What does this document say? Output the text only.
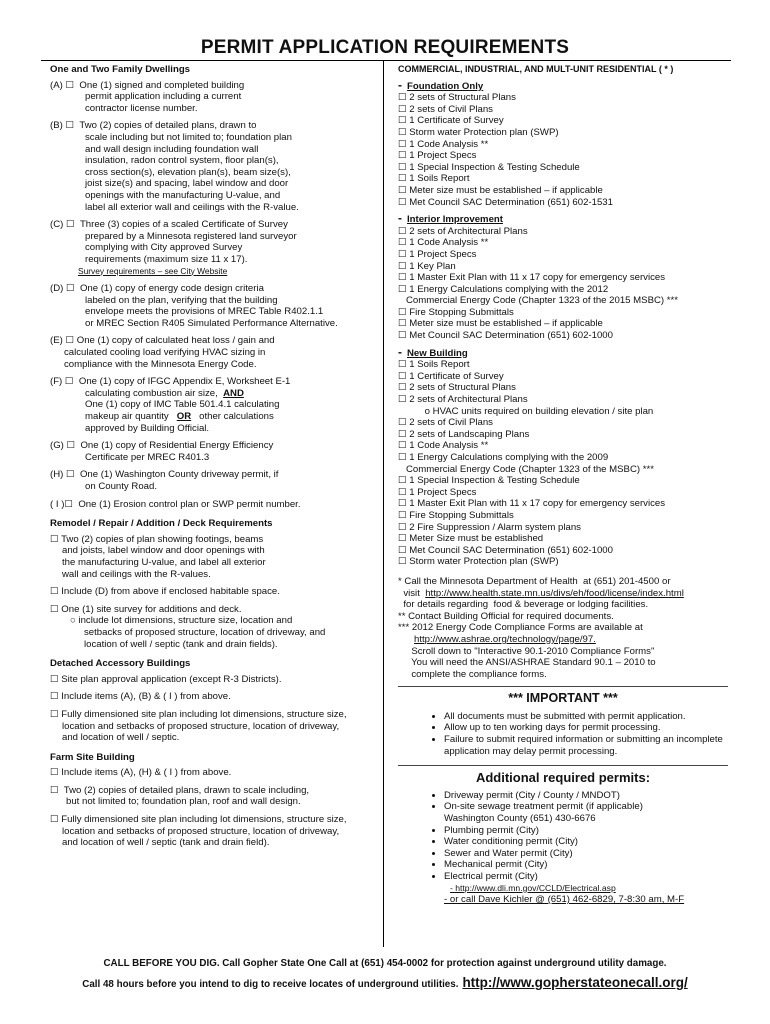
PERMIT APPLICATION REQUIREMENTS
One and Two Family Dwellings
(A) ☐
One (1) signed and completed building
permit application including a current
contractor license number.
(B) ☐
Two (2) copies of detailed plans, drawn to
scale including but not limited to; foundation plan
and wall design including foundation wall
insulation, radon control system, floor plan(s),
cross section(s), elevation plan(s), beam size(s),
joist size(s) and spacing, label window and door
openings with the manufacturing U-value, and
label all exterior wall and ceilings with the R-value.
(C) ☐
Three (3) copies of a scaled Certificate of Survey
prepared by a Minnesota registered land surveyor
complying with City approved Survey
requirements (maximum size 11 x 17).
Survey requirements – see City Website
(D) ☐
One (1) copy of energy code design criteria
labeled on the plan, verifying that the building
envelope meets the provisions of MREC Table R402.1.1
or MREC Section R405 Simulated Performance Alternative.
(E) ☐
One (1) copy of calculated heat loss / gain and
calculated cooling load verifying HVAC sizing in
compliance with the Minnesota Energy Code.
(F) ☐
One (1) copy of IFGC Appendix E, Worksheet E-1
calculating combustion air size, AND
One (1) copy of IMC Table 501.4.1 calculating
makeup air quantity OR other calculations
approved by Building Official.
(G) ☐
One (1) copy of Residential Energy Efficiency
Certificate per MREC R401.3
(H) ☐
One (1) Washington County driveway permit, if
on County Road.
( I )☐
One (1) Erosion control plan or SWP permit number.
Remodel / Repair / Addition / Deck Requirements
☐ Two (2) copies of plan showing footings, beams
and joists, label window and door openings with
the manufacturing U-value, and label all exterior
wall and ceilings with the R-values.
☐ Include (D) from above if enclosed habitable space.
☐ One (1) site survey for additions and deck.
○ include lot dimensions, structure size, location and
setbacks of proposed structure, location of driveway, and
location of well / septic (tank and drain fields).
Detached Accessory Buildings
☐ Site plan approval application (except R-3 Districts).
☐ Include items (A), (B) & ( I ) from above.
☐ Fully dimensioned site plan including lot dimensions, structure size,
location and setbacks of proposed structure, location of driveway,
and location of well / septic.
Farm Site Building
☐ Include items (A), (H) & ( I ) from above.
☐  Two (2) copies of detailed plans, drawn to scale including,
but not limited to; foundation plan, roof and wall design.
☐ Fully dimensioned site plan including lot dimensions, structure size,
location and setbacks of proposed structure, location of driveway,
and location of well / septic (tank and drain field).
COMMERCIAL, INDUSTRIAL, AND MULT-UNIT RESIDENTIAL ( * )
- Foundation Only
☐ 2 sets of Structural Plans
☐ 2 sets of Civil Plans
☐ 1 Certificate of Survey
☐ Storm water Protection plan (SWP)
☐ 1 Code Analysis **
☐ 1 Project Specs
☐ 1 Special Inspection & Testing Schedule
☐ 1 Soils Report
☐ Meter size must be established – if applicable
☐ Met Council SAC Determination (651) 602-1531
- Interior Improvement
☐ 2 sets of Architectural Plans
☐ 1 Code Analysis **
☐ 1 Project Specs
☐ 1 Key Plan
☐ 1 Master Exit Plan with 11 x 17 copy for emergency services
☐ 1 Energy Calculations complying with the 2012
Commercial Energy Code (Chapter 1323 of the 2015 MSBC) ***
☐ Fire Stopping Submittals
☐ Meter size must be established – if applicable
☐ Met Council SAC Determination (651) 602-1000
- New Building
☐ 1 Soils Report
☐ 1 Certificate of Survey
☐ 2 sets of Structural Plans
☐ 2 sets of Architectural Plans
o HVAC units required on building elevation / site plan
☐ 2 sets of Civil Plans
☐ 2 sets of Landscaping Plans
☐ 1 Code Analysis **
☐ 1 Energy Calculations complying with the 2009
Commercial Energy Code (Chapter 1323 of the MSBC) ***
☐ 1 Special Inspection & Testing Schedule
☐ 1 Project Specs
☐ 1 Master Exit Plan with 11 x 17 copy for emergency services
☐ Fire Stopping Submittals
☐ 2 Fire Suppression / Alarm system plans
☐ Meter Size must be established
☐ Met Council SAC Determination (651) 602-1000
☐ Storm water Protection plan (SWP)
* Call the Minnesota Department of Health  at (651) 201-4500 or
visit http://www.health.state.mn.us/divs/eh/food/license/index.html
for details regarding  food & beverage or lodging facilities.
** Contact Building Official for required documents.
*** 2012 Energy Code Compliance Forms are available at
http://www.ashrae.org/technology/page/97.
Scroll down to "Interactive 90.1-2010 Compliance Forms"
You will need the ANSI/ASHRAE Standard 90.1 – 2010 to
complete the compliance forms.
*** IMPORTANT ***
• All documents must be submitted with permit application.
• Allow up to ten working days for permit processing.
• Failure to submit required information or submitting an incomplete application may delay permit processing.
Additional required permits:
• Driveway permit (City / County / MNDOT)
• On-site sewage treatment permit (if applicable)
Washington County (651) 430-6676
• Plumbing permit (City)
• Water conditioning permit (City)
• Sewer and Water permit (City)
• Mechanical permit (City)
• Electrical permit (City)
- http://www.dli.mn.gov/CCLD/Electrical.asp
- or call Dave Kichler @ (651) 462-6829, 7-8:30 am, M-F
CALL BEFORE YOU DIG. Call Gopher State One Call at (651) 454-0002 for protection against underground utility damage.
Call 48 hours before you intend to dig to receive locates of underground utilities. http://www.gopherstateonecall.org/
